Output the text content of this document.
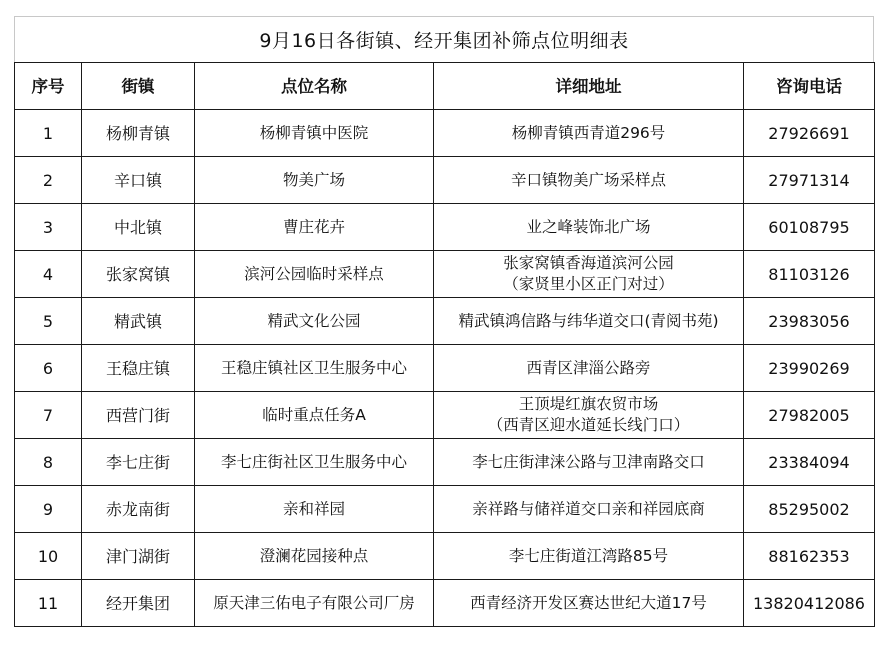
9月16日各街镇、经开集团补筛点位明细表
序号	街镇	点位名称	详细地址	咨询电话
1	杨柳青镇	杨柳青镇中医院	杨柳青镇西青道296号	27926691
2	辛口镇	物美广场	辛口镇物美广场采样点	27971314
3	中北镇	曹庄花卉	业之峰装饰北广场	60108795
4	张家窝镇	滨河公园临时采样点	张家窝镇香海道滨河公园
（家贤里小区正门对过）	81103126
5	精武镇	精武文化公园	精武镇鸿信路与纬华道交口(青阅书苑)	23983056
6	王稳庄镇	王稳庄镇社区卫生服务中心	西青区津淄公路旁	23990269
7	西营门街	临时重点任务A	王顶堤红旗农贸市场
（西青区迎水道延长线门口）	27982005
8	李七庄街	李七庄街社区卫生服务中心	李七庄街津涞公路与卫津南路交口	23384094
9	赤龙南街	亲和祥园	亲祥路与储祥道交口亲和祥园底商	85295002
10	津门湖街	澄澜花园接种点	李七庄街道江湾路85号	88162353
11	经开集团	原天津三佑电子有限公司厂房	西青经济开发区赛达世纪大道17号	13820412086
